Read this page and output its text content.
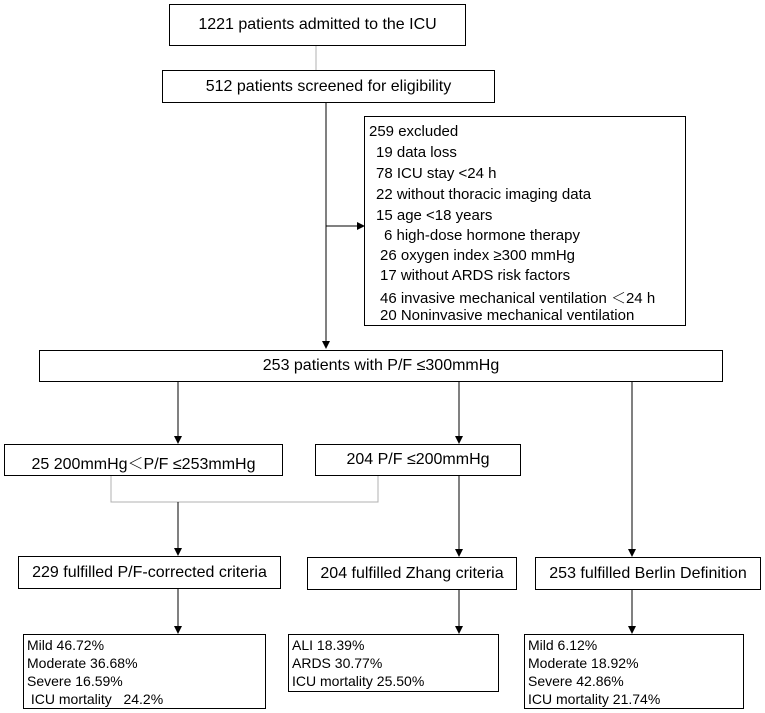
1221 patients admitted to the ICU
512 patients screened for eligibility
259 excluded
19 data loss
78 ICU stay <24 h
22 without thoracic imaging data
15 age <18 years
6 high-dose hormone therapy
26 oxygen index ≥300 mmHg
17 without ARDS risk factors
46 invasive mechanical ventilation ＜24 h
20 Noninvasive mechanical ventilation
253 patients with P/F ≤300mmHg
25 200mmHg＜P/F ≤253mmHg	204 P/F ≤200mmHg
229 fulfilled P/F-corrected criteria	204 fulfilled Zhang criteria	253 fulfilled Berlin Definition
Mild 46.72%
Moderate 36.68%
Severe 16.59%
ICU mortality   24.2%
ALI 18.39%
ARDS 30.77%
ICU mortality 25.50%
Mild 6.12%
Moderate 18.92%
Severe 42.86%
ICU mortality 21.74%
